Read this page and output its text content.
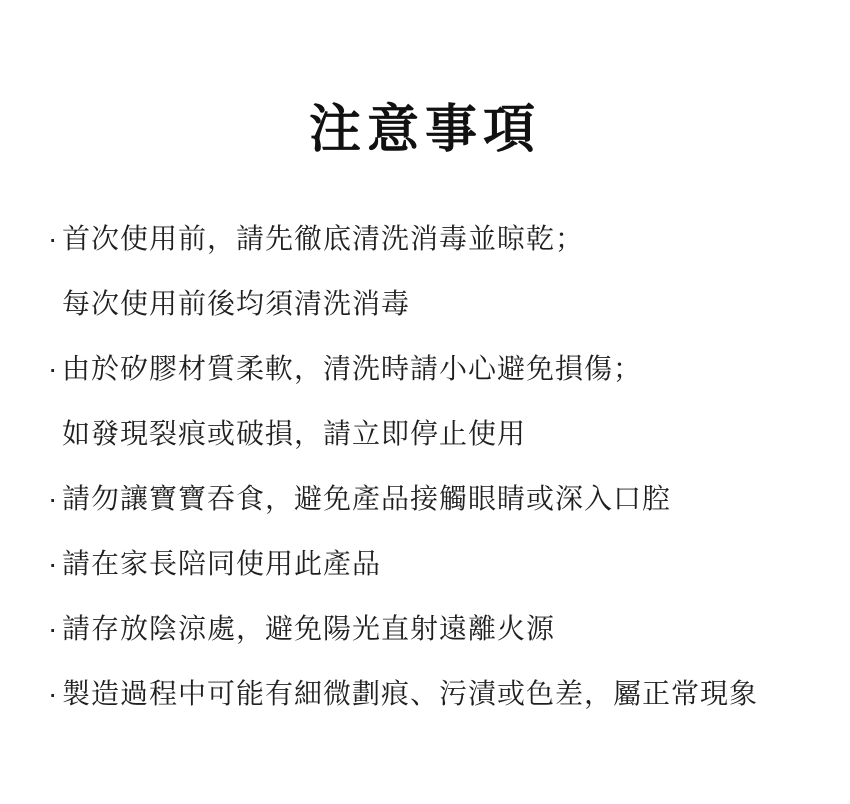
注意事項

· 首次使用前，請先徹底清洗消毒並晾乾；

每次使用前後均須清洗消毒

· 由於矽膠材質柔軟，清洗時請小心避免損傷；

如發現裂痕或破損，請立即停止使用

· 請勿讓寶寶吞食，避免產品接觸眼睛或深入口腔

· 請在家長陪同使用此產品

· 請存放陰涼處，避免陽光直射遠離火源

· 製造過程中可能有細微劃痕、污漬或色差，屬正常現象
